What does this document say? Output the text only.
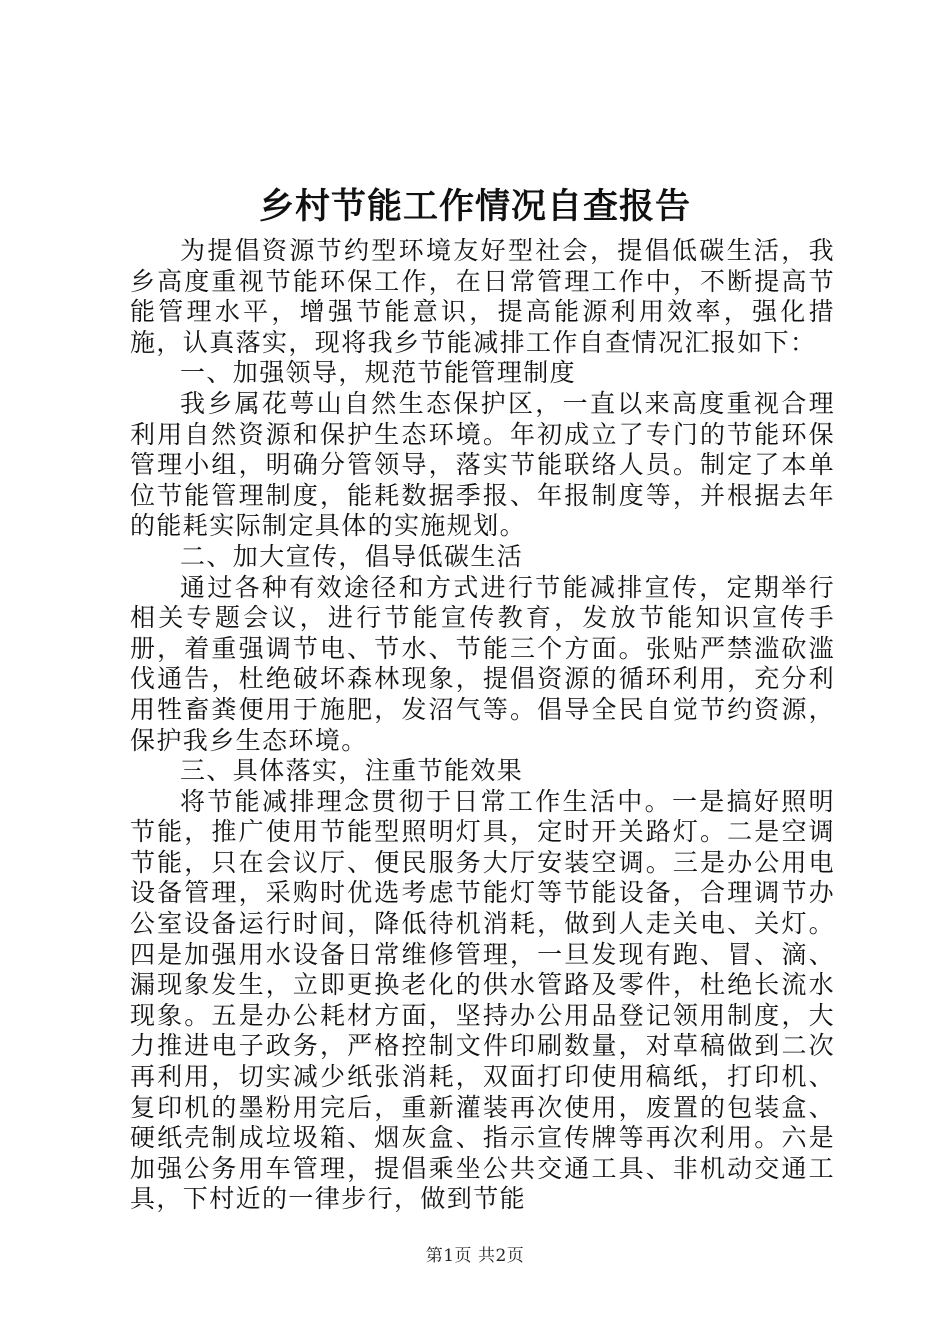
乡村节能工作情况自查报告

为提倡资源节约型环境友好型社会，提倡低碳生活，我乡高度重视节能环保工作，在日常管理工作中，不断提高节能管理水平，增强节能意识，提高能源利用效率，强化措施，认真落实，现将我乡节能减排工作自查情况汇报如下：

一、加强领导，规范节能管理制度

我乡属花萼山自然生态保护区，一直以来高度重视合理利用自然资源和保护生态环境。年初成立了专门的节能环保管理小组，明确分管领导，落实节能联络人员。制定了本单位节能管理制度，能耗数据季报、年报制度等，并根据去年的能耗实际制定具体的实施规划。

二、加大宣传，倡导低碳生活

通过各种有效途径和方式进行节能减排宣传，定期举行相关专题会议，进行节能宣传教育，发放节能知识宣传手册，着重强调节电、节水、节能三个方面。张贴严禁滥砍滥伐通告，杜绝破坏森林现象，提倡资源的循环利用，充分利用牲畜粪便用于施肥，发沼气等。倡导全民自觉节约资源，保护我乡生态环境。

三、具体落实，注重节能效果

将节能减排理念贯彻于日常工作生活中。一是搞好照明节能，推广使用节能型照明灯具，定时开关路灯。二是空调节能，只在会议厅、便民服务大厅安装空调。三是办公用电设备管理，采购时优选考虑节能灯等节能设备，合理调节办公室设备运行时间，降低待机消耗，做到人走关电、关灯。四是加强用水设备日常维修管理，一旦发现有跑、冒、滴、漏现象发生，立即更换老化的供水管路及零件，杜绝长流水现象。五是办公耗材方面，坚持办公用品登记领用制度，大力推进电子政务，严格控制文件印刷数量，对草稿做到二次再利用，切实减少纸张消耗，双面打印使用稿纸，打印机、复印机的墨粉用完后，重新灌装再次使用，废置的包装盒、硬纸壳制成垃圾箱、烟灰盒、指示宣传牌等再次利用。六是加强公务用车管理，提倡乘坐公共交通工具、非机动交通工具，下村近的一律步行，做到节能

第1页 共2页
